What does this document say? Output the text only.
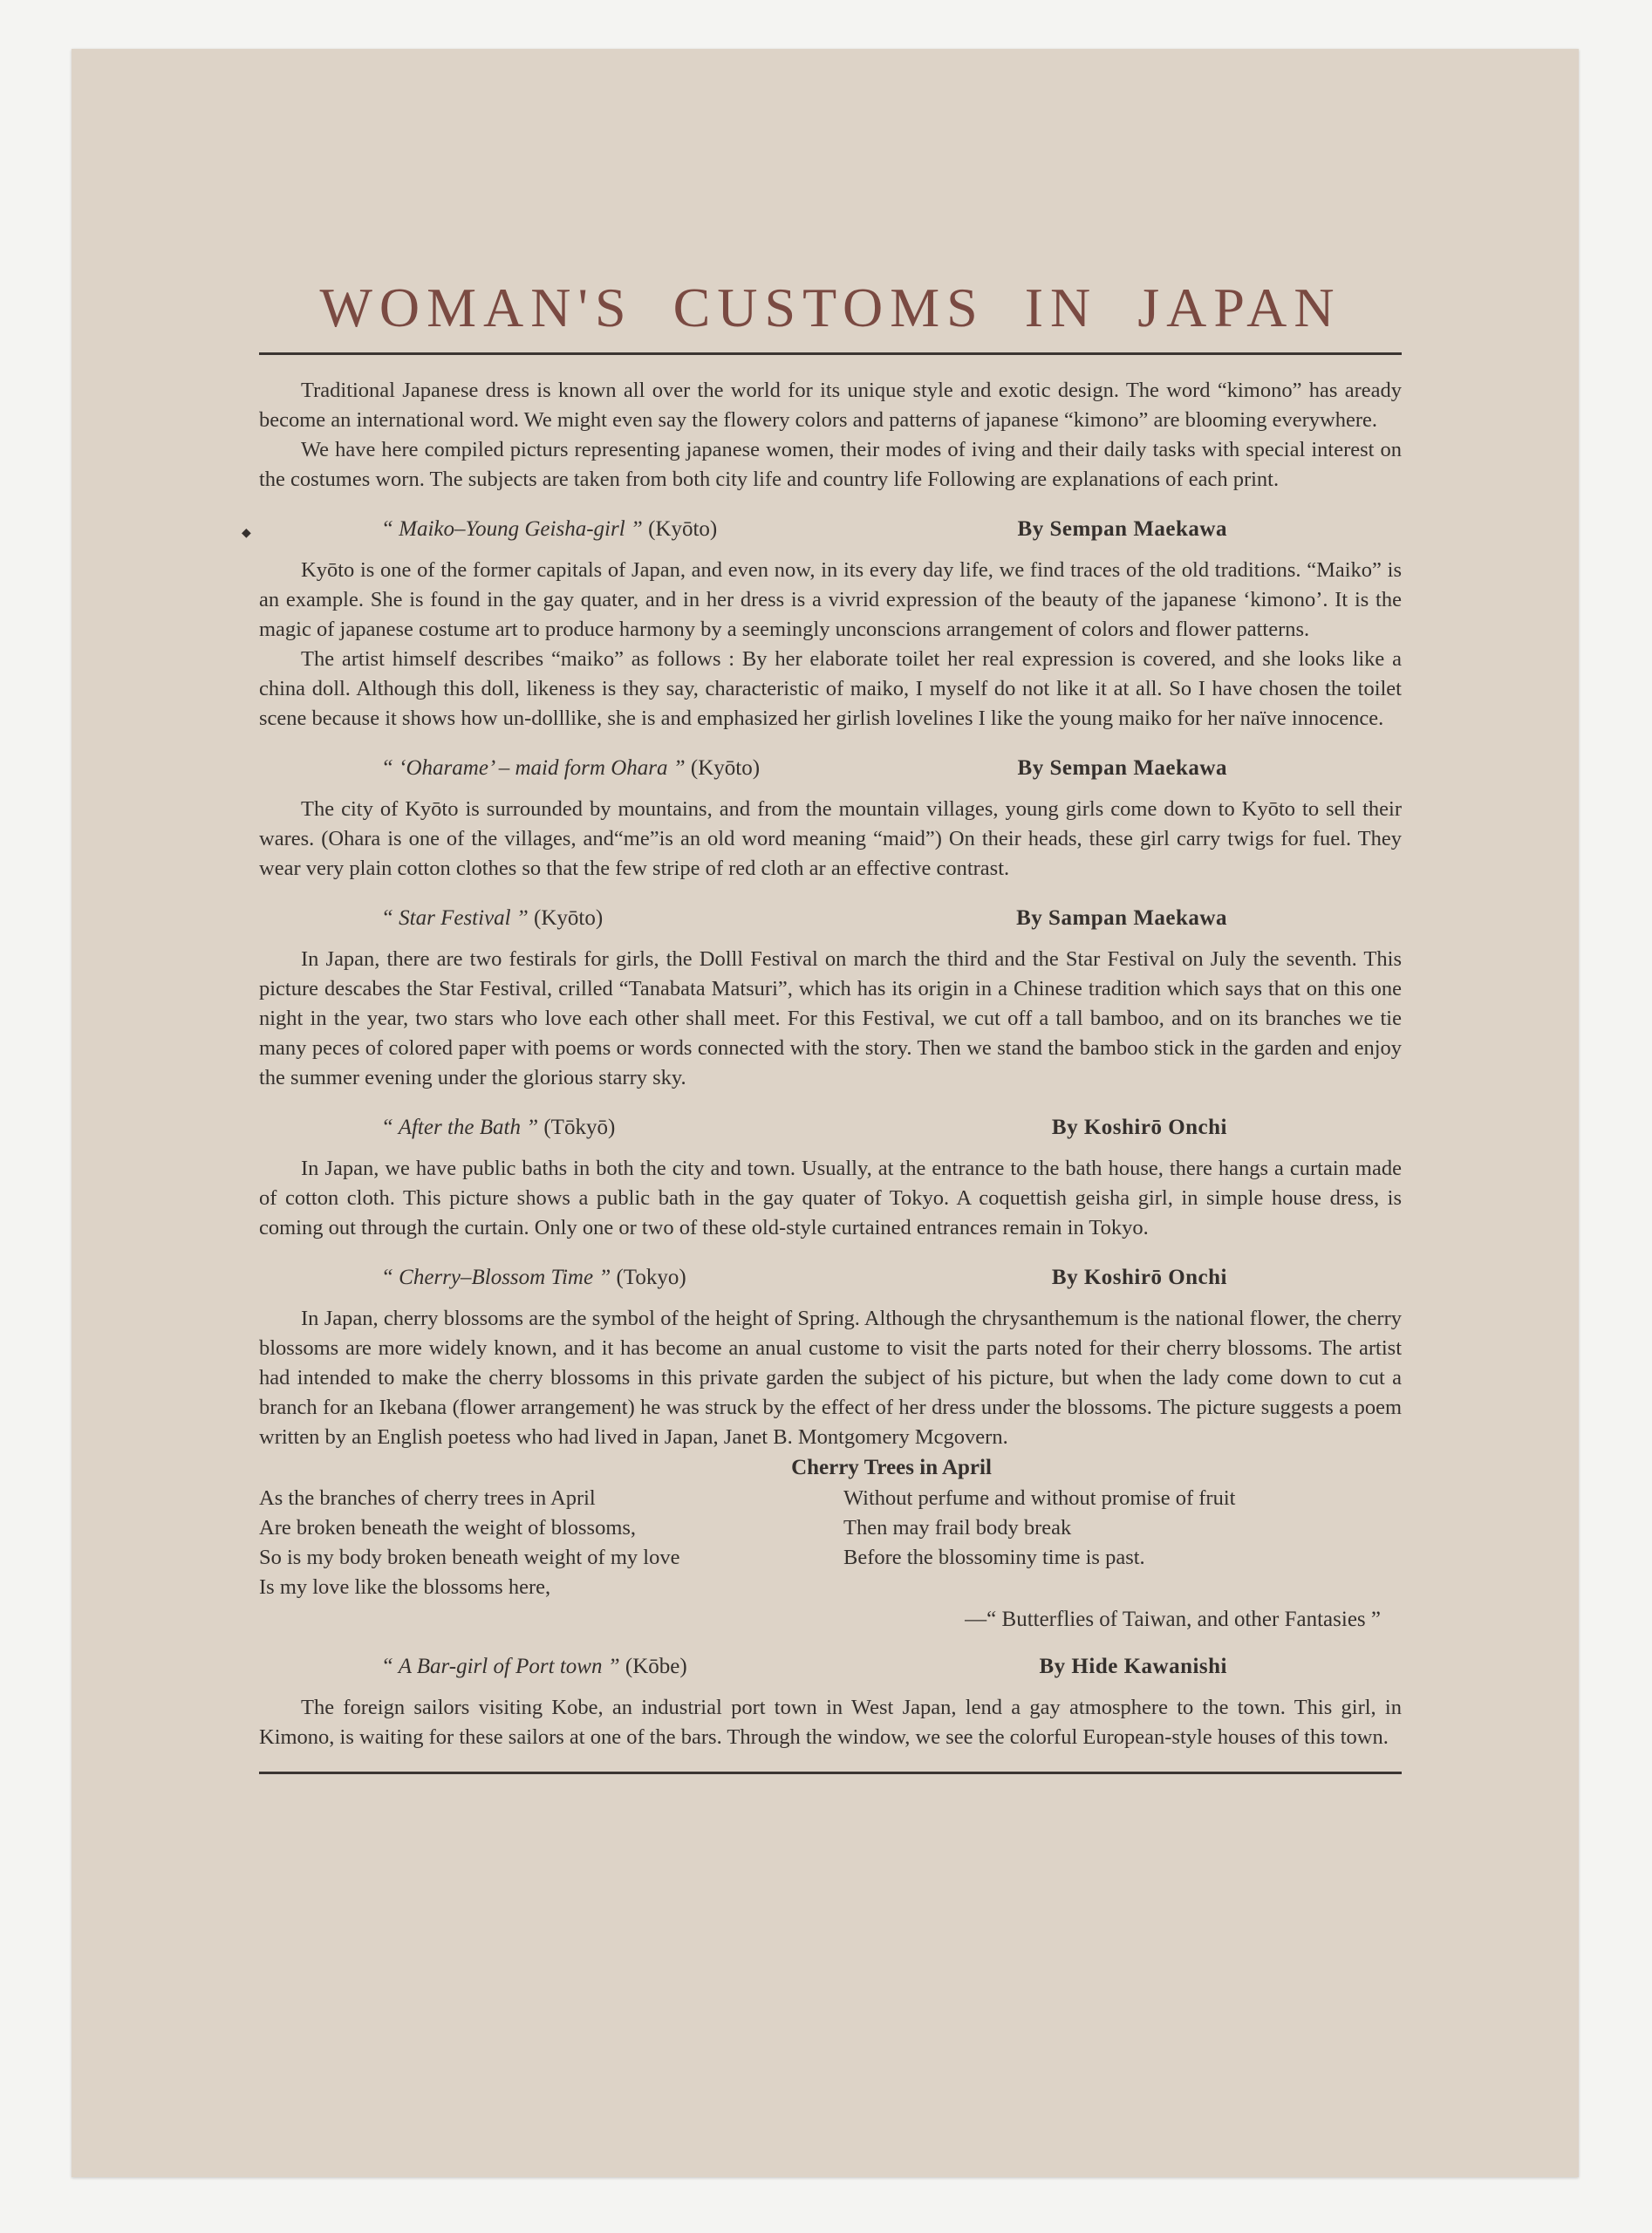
WOMAN'S CUSTOMS IN JAPAN

Traditional Japanese dress is known all over the world for its unique style and exotic design. The word “kimono” has aready become an international word. We might even say the flowery colors and patterns of japanese “kimono” are blooming everywhere.

We have here compiled picturs representing japanese women, their modes of iving and their daily tasks with special interest on the costumes worn. The subjects are taken from both city life and country life Following are explanations of each print.

◆	“ Maiko–Young Geisha-girl ” (Kyōto)	By Sempan Maekawa

Kyōto is one of the former capitals of Japan, and even now, in its every day life, we find traces of the old traditions. “Maiko” is an example. She is found in the gay quater, and in her dress is a vivrid expression of the beauty of the japanese ‘kimono’. It is the magic of japanese costume art to produce harmony by a seemingly unconscions arrangement of colors and flower patterns.

The artist himself describes “maiko” as follows : By her elaborate toilet her real expression is covered, and she looks like a china doll. Although this doll, likeness is they say, characteristic of maiko, I myself do not like it at all. So I have chosen the toilet scene because it shows how un-dolllike, she is and emphasized her girlish lovelines I like the young maiko for her naïve innocence.

“ ‘Oharame’ – maid form Ohara ” (Kyōto)	By Sempan Maekawa

The city of Kyōto is surrounded by mountains, and from the mountain villages, young girls come down to Kyōto to sell their wares. (Ohara is one of the villages, and“me”is an old word meaning “maid”) On their heads, these girl carry twigs for fuel. They wear very plain cotton clothes so that the few stripe of red cloth ar an effective contrast.

“ Star Festival ” (Kyōto)	By Sampan Maekawa

In Japan, there are two festirals for girls, the Dolll Festival on march the third and the Star Festival on July the seventh. This picture descabes the Star Festival, crilled “Tanabata Matsuri”, which has its origin in a Chinese tradition which says that on this one night in the year, two stars who love each other shall meet. For this Festival, we cut off a tall bamboo, and on its branches we tie many peces of colored paper with poems or words connected with the story. Then we stand the bamboo stick in the garden and enjoy the summer evening under the glorious starry sky.

“ After the Bath ” (Tōkyō)	By Koshirō Onchi

In Japan, we have public baths in both the city and town. Usually, at the entrance to the bath house, there hangs a curtain made of cotton cloth. This picture shows a public bath in the gay quater of Tokyo. A coquettish geisha girl, in simple house dress, is coming out through the curtain. Only one or two of these old-style curtained entrances remain in Tokyo.

“ Cherry–Blossom Time ” (Tokyo)	By Koshirō Onchi

In Japan, cherry blossoms are the symbol of the height of Spring. Although the chrysanthemum is the national flower, the cherry blossoms are more widely known, and it has become an anual custome to visit the parts noted for their cherry blossoms. The artist had intended to make the cherry blossoms in this private garden the subject of his picture, but when the lady come down to cut a branch for an Ikebana (flower arrangement) he was struck by the effect of her dress under the blossoms. The picture suggests a poem written by an English poetess who had lived in Japan, Janet B. Montgomery Mcgovern.

Cherry Trees in April
As the branches of cherry trees in April
Are broken beneath the weight of blossoms,
So is my body broken beneath weight of my love
Is my love like the blossoms here,
Without perfume and without promise of fruit
Then may frail body break
Before the blossominy time is past.
—“ Butterflies of Taiwan, and other Fantasies ”
“ A Bar-girl of Port town ” (Kōbe)	By Hide Kawanishi

The foreign sailors visiting Kobe, an industrial port town in West Japan, lend a gay atmosphere to the town. This girl, in Kimono, is waiting for these sailors at one of the bars. Through the window, we see the colorful European-style houses of this town.
